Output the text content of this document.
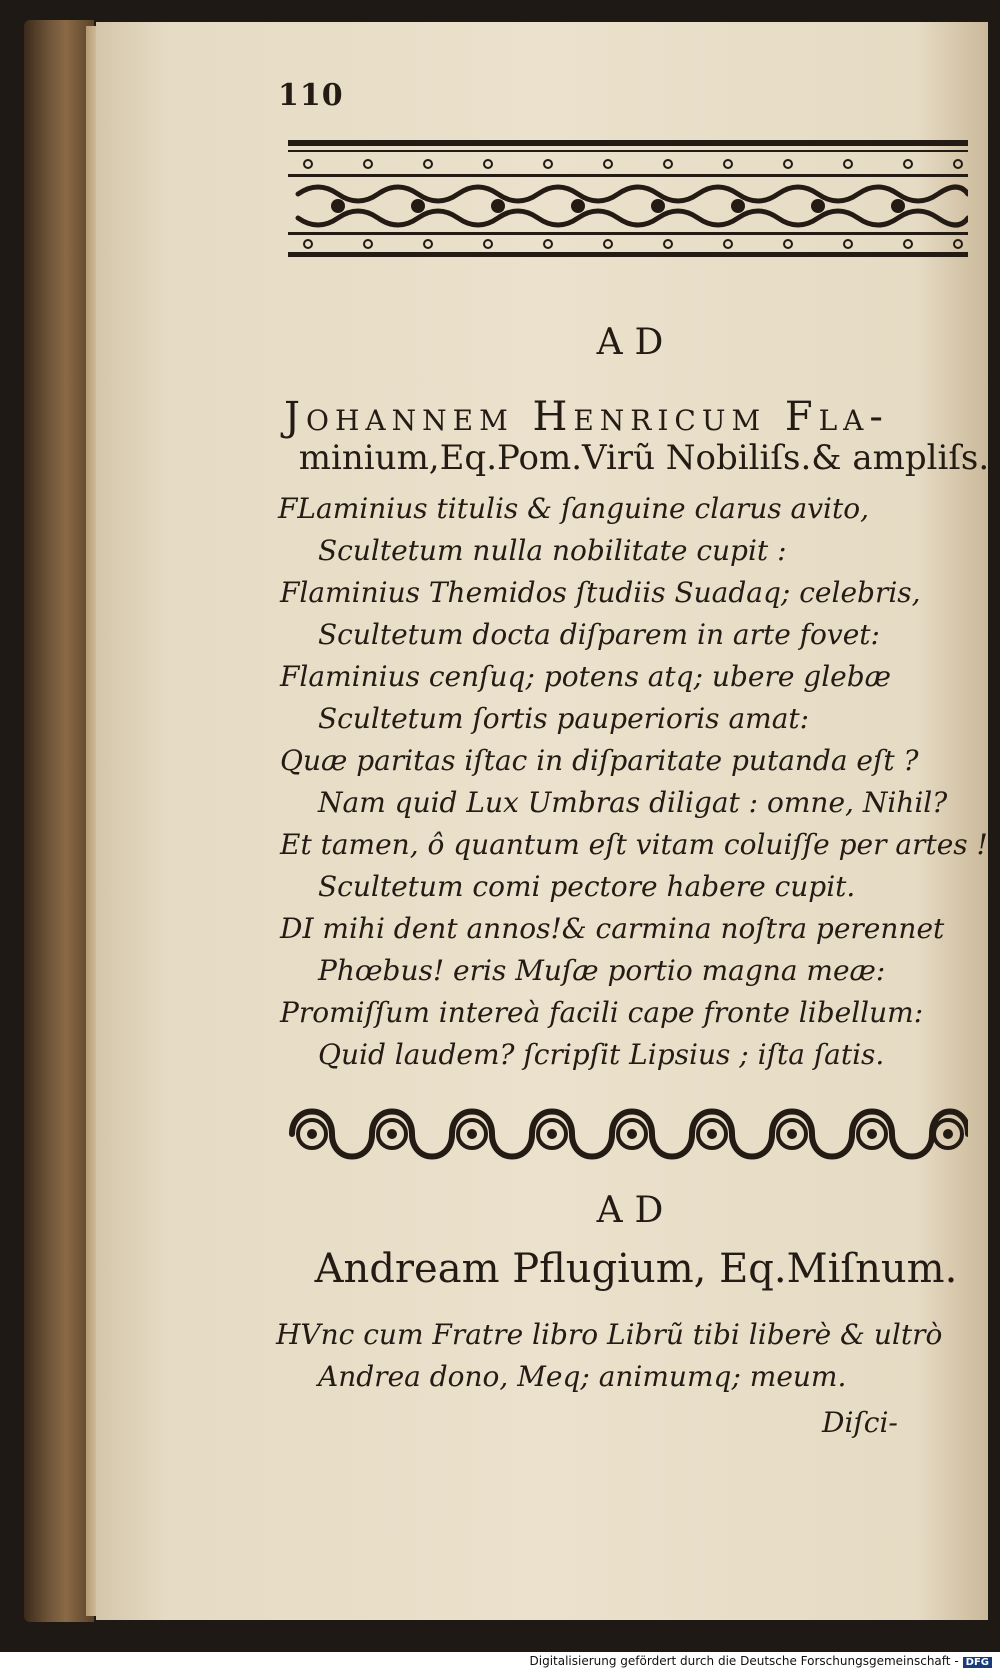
110
AD
Johannem Henricum Fla-
minium,Eq.Pom.Virũ Nobiliſs.& ampliſs.
FLaminius titulis & ſanguine clarus avito,
Scultetum nulla nobilitate cupit :
Flaminius Themidos ſtudiis Suadaq; celebris,
Scultetum docta diſparem in arte fovet:
Flaminius cenſuq; potens atq; ubere glebæ
Scultetum ſortis pauperioris amat:
Quæ paritas iſtac in diſparitate putanda eſt ?
Nam quid Lux Umbras diligat : omne, Nihil?
Et tamen, ô quantum eſt vitam coluiſſe per artes !
Scultetum comi pectore habere cupit.
DI mihi dent annos!& carmina noſtra perennet
Phœbus! eris Muſæ portio magna meæ:
Promiſſum intereà facili cape fronte libellum:
Quid laudem? ſcripſit Lipsius ; iſta ſatis.
AD
Andream Pflugium, Eq.Miſnum.
HVnc cum Fratre libro Librũ tibi liberè & ultrò
Andrea dono, Meq; animumq; meum.
Diſci-
Digitalisierung gefördert durch die Deutsche Forschungsgemeinschaft - DFG
